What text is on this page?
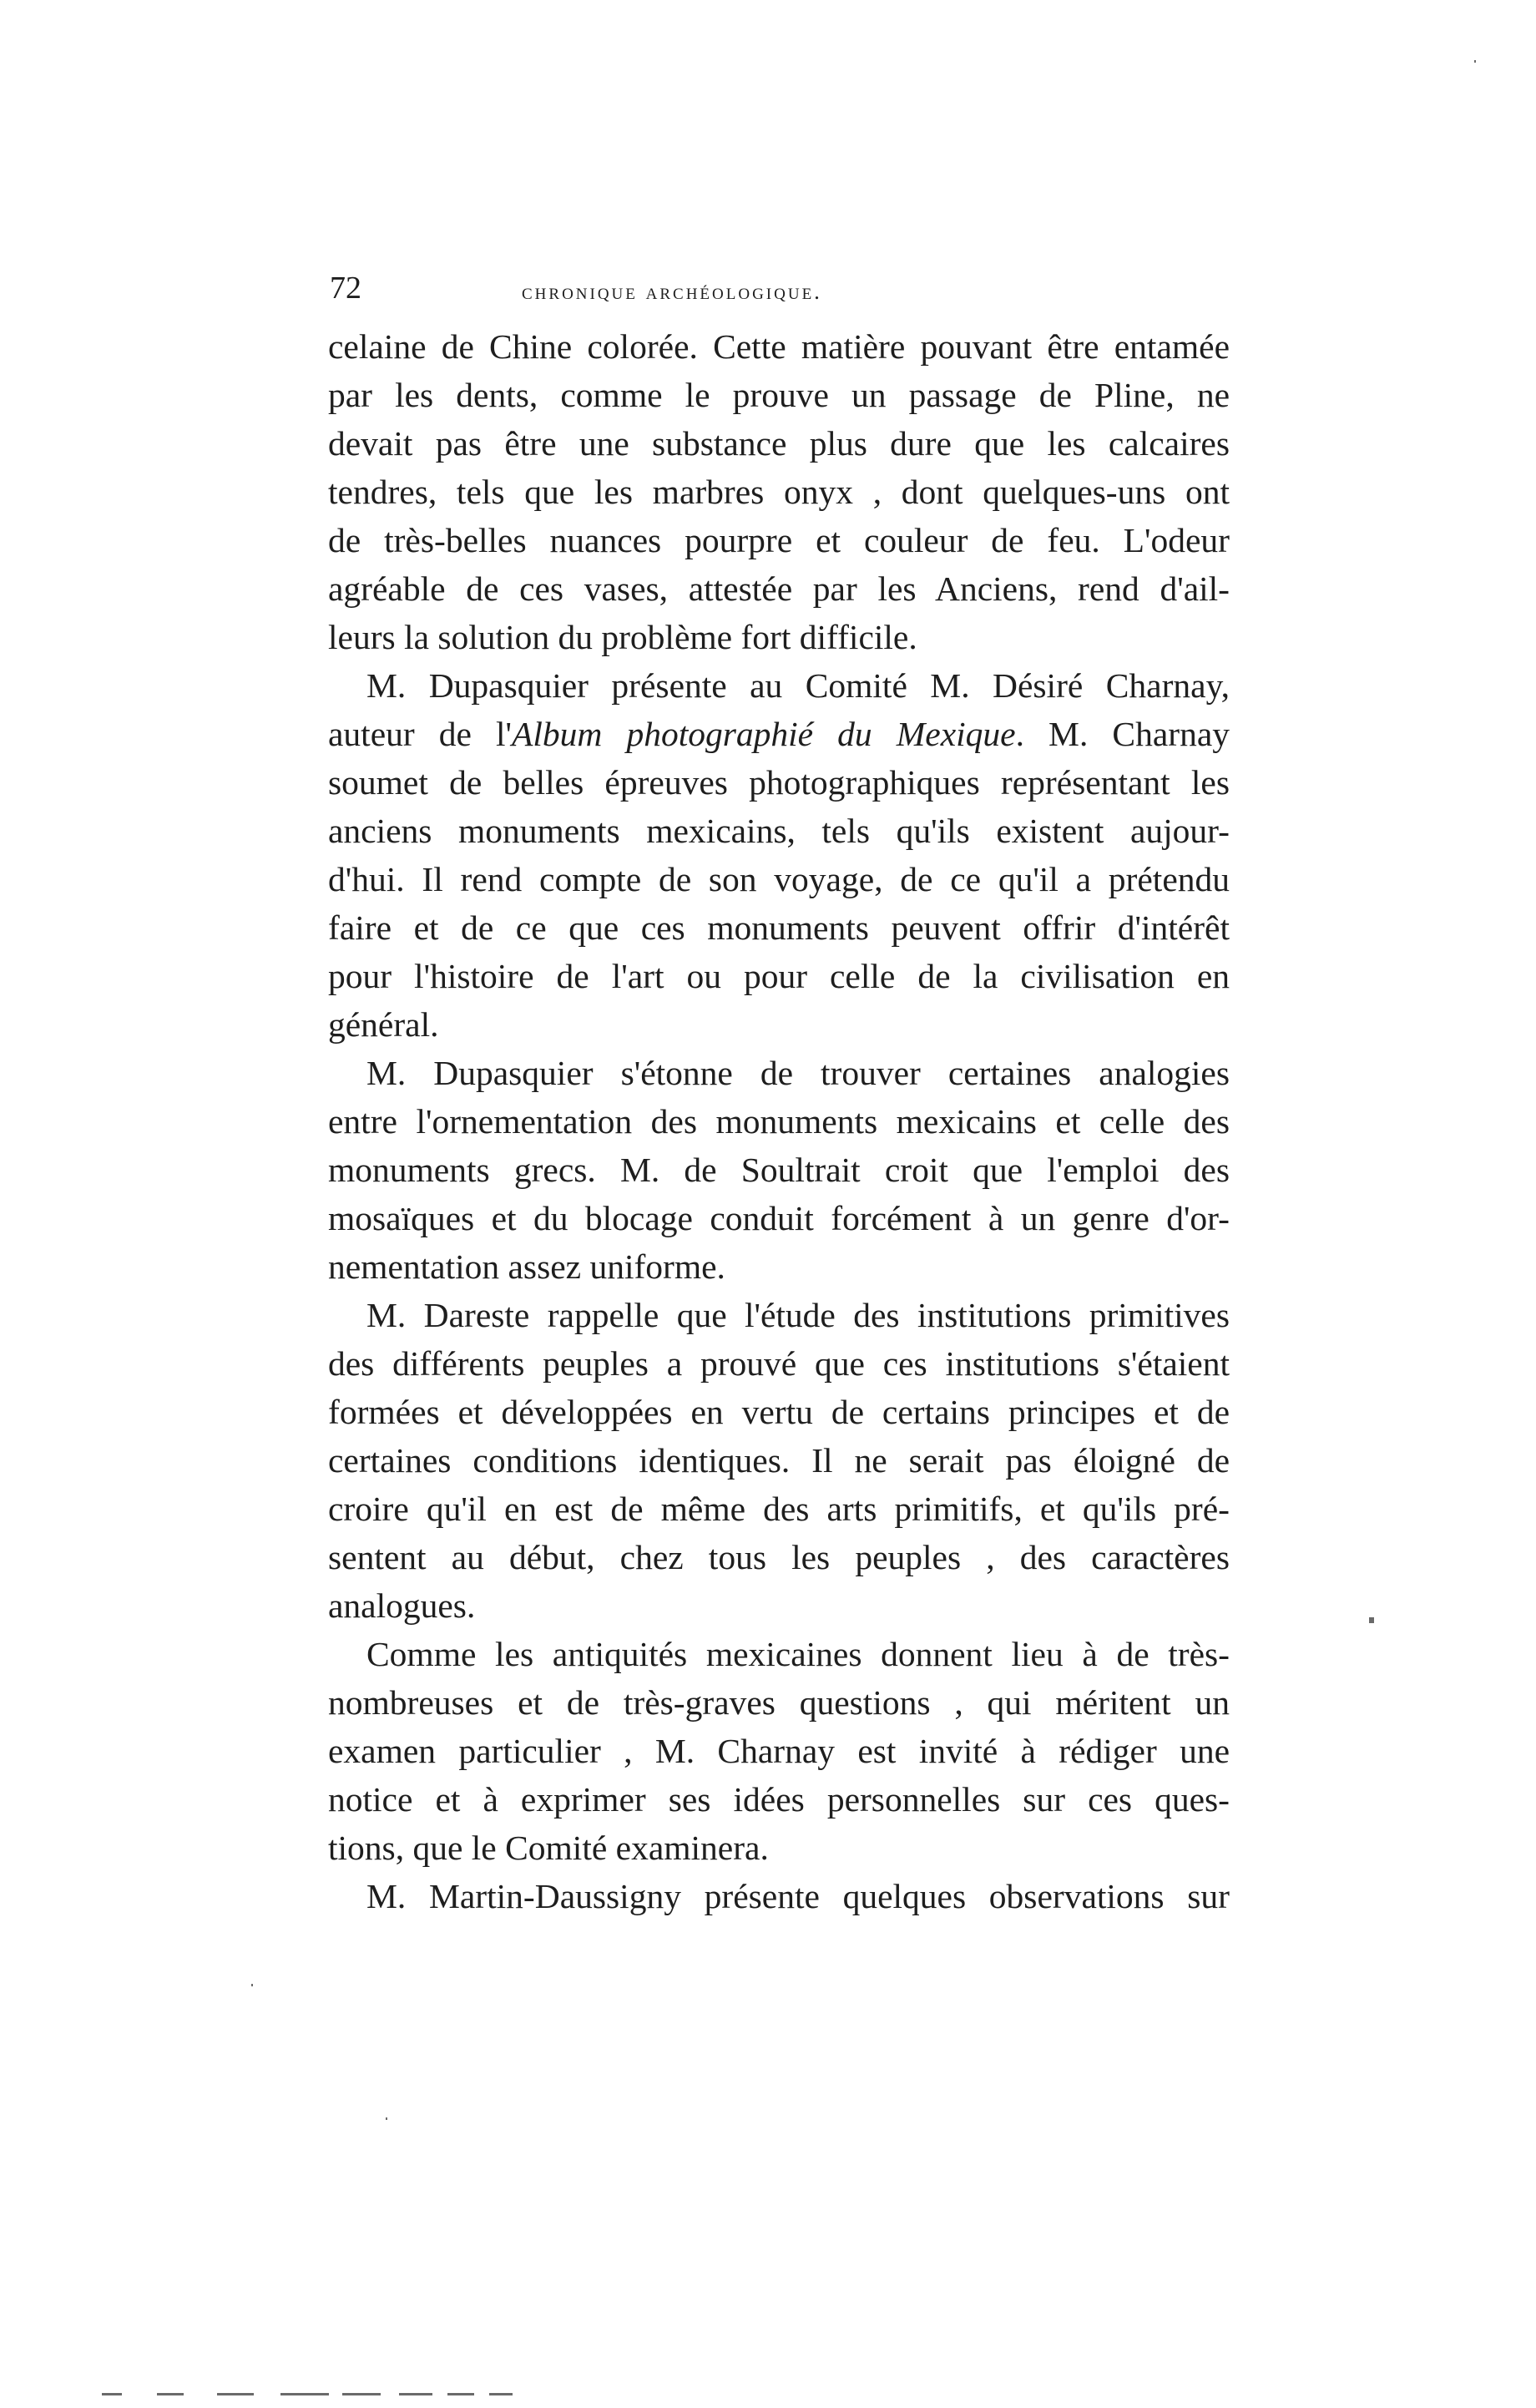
72	chronique archéologique.
celaine de Chine colorée. Cette matière pouvant être entamée
par les dents, comme le prouve un passage de Pline, ne
devait pas être une substance plus dure que les calcaires
tendres, tels que les marbres onyx , dont quelques-uns ont
de très-belles nuances pourpre et couleur de feu. L'odeur
agréable de ces vases, attestée par les Anciens, rend d'ail-
leurs la solution du problème fort difficile.
M. Dupasquier présente au Comité M. Désiré Charnay,
auteur de l'Album photographié du Mexique. M. Charnay
soumet de belles épreuves photographiques représentant les
anciens monuments mexicains, tels qu'ils existent aujour-
d'hui. Il rend compte de son voyage, de ce qu'il a prétendu
faire et de ce que ces monuments peuvent offrir d'intérêt
pour l'histoire de l'art ou pour celle de la civilisation en
général.
M. Dupasquier s'étonne de trouver certaines analogies
entre l'ornementation des monuments mexicains et celle des
monuments grecs. M. de Soultrait croit que l'emploi des
mosaïques et du blocage conduit forcément à un genre d'or-
nementation assez uniforme.
M. Dareste rappelle que l'étude des institutions primitives
des différents peuples a prouvé que ces institutions s'étaient
formées et développées en vertu de certains principes et de
certaines conditions identiques. Il ne serait pas éloigné de
croire qu'il en est de même des arts primitifs, et qu'ils pré-
sentent au début, chez tous les peuples , des caractères
analogues.
Comme les antiquités mexicaines donnent lieu à de très-
nombreuses et de très-graves questions , qui méritent un
examen particulier , M. Charnay est invité à rédiger une
notice et à exprimer ses idées personnelles sur ces ques-
tions, que le Comité examinera.
M. Martin-Daussigny présente quelques observations sur
